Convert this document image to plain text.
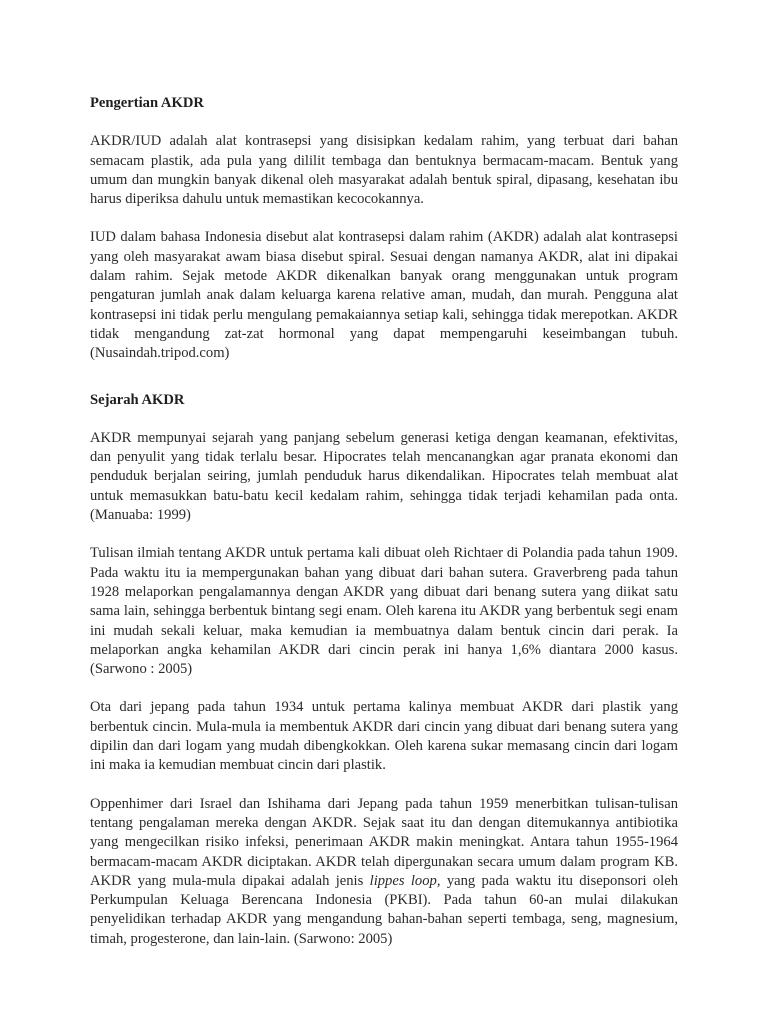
Pengertian AKDR

AKDR/IUD adalah alat kontrasepsi yang disisipkan kedalam rahim, yang terbuat dari bahan semacam plastik, ada pula yang dililit tembaga dan bentuknya bermacam-macam. Bentuk yang umum dan mungkin banyak dikenal oleh masyarakat adalah bentuk spiral, dipasang, kesehatan ibu harus diperiksa dahulu untuk memastikan kecocokannya.

IUD dalam bahasa Indonesia disebut alat kontrasepsi dalam rahim (AKDR) adalah alat kontrasepsi yang oleh masyarakat awam biasa disebut spiral. Sesuai dengan namanya AKDR, alat ini dipakai dalam rahim. Sejak metode AKDR dikenalkan banyak orang menggunakan untuk program pengaturan jumlah anak dalam keluarga karena relative aman, mudah, dan murah. Pengguna alat kontrasepsi ini tidak perlu mengulang pemakaiannya setiap kali, sehingga tidak merepotkan. AKDR tidak mengandung zat-zat hormonal yang dapat mempengaruhi keseimbangan tubuh. (Nusaindah.tripod.com)

Sejarah AKDR

AKDR mempunyai sejarah yang panjang sebelum generasi ketiga dengan keamanan, efektivitas, dan penyulit yang tidak terlalu besar. Hipocrates telah mencanangkan agar pranata ekonomi dan penduduk berjalan seiring, jumlah penduduk harus dikendalikan. Hipocrates telah membuat alat untuk memasukkan batu-batu kecil kedalam rahim, sehingga tidak terjadi kehamilan pada onta. (Manuaba: 1999)

Tulisan ilmiah tentang AKDR untuk pertama kali dibuat oleh Richtaer di Polandia pada tahun 1909. Pada waktu itu ia mempergunakan bahan yang dibuat dari bahan sutera. Graverbreng pada tahun 1928 melaporkan pengalamannya dengan AKDR yang dibuat dari benang sutera yang diikat satu sama lain, sehingga berbentuk bintang segi enam. Oleh karena itu AKDR yang berbentuk segi enam ini mudah sekali keluar, maka kemudian ia membuatnya dalam bentuk cincin dari perak. Ia melaporkan angka kehamilan AKDR dari cincin perak ini hanya 1,6% diantara 2000 kasus. (Sarwono : 2005)

Ota dari jepang pada tahun 1934 untuk pertama kalinya membuat AKDR dari plastik yang berbentuk cincin. Mula-mula ia membentuk AKDR dari cincin yang dibuat dari benang sutera yang dipilin dan dari logam yang mudah dibengkokkan. Oleh karena sukar memasang cincin dari logam ini maka ia kemudian membuat cincin dari plastik.

Oppenhimer dari Israel dan Ishihama dari Jepang pada tahun 1959 menerbitkan tulisan-tulisan tentang pengalaman mereka dengan AKDR. Sejak saat itu dan dengan ditemukannya antibiotika yang mengecilkan risiko infeksi, penerimaan AKDR makin meningkat. Antara tahun 1955-1964 bermacam-macam AKDR diciptakan. AKDR telah dipergunakan secara umum dalam program KB. AKDR yang mula-mula dipakai adalah jenis lippes loop, yang pada waktu itu diseponsori oleh Perkumpulan Keluaga Berencana Indonesia (PKBI). Pada tahun 60-an mulai dilakukan penyelidikan terhadap AKDR yang mengandung bahan-bahan seperti tembaga, seng, magnesium, timah, progesterone, dan lain-lain. (Sarwono: 2005)
